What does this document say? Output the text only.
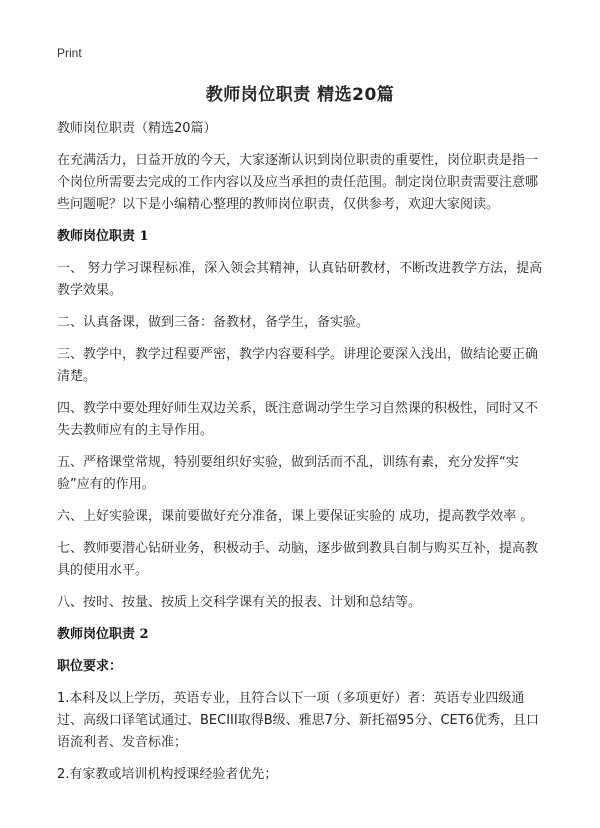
Print
教师岗位职责 精选20篇

教师岗位职责（精选20篇）

在充满活力，日益开放的今天，大家逐渐认识到岗位职责的重要性，岗位职责是指一个岗位所需要去完成的工作内容以及应当承担的责任范围。制定岗位职责需要注意哪些问题呢？以下是小编精心整理的教师岗位职责，仅供参考，欢迎大家阅读。

教师岗位职责 1

一、 努力学习课程标准，深入领会其精神，认真钻研教材，不断改进教学方法，提高教学效果。

二、认真备课，做到三备：备教材，备学生，备实验。

三、教学中，教学过程要严密，教学内容要科学。讲理论要深入浅出，做结论要正确清楚。

四、教学中要处理好师生双边关系，既注意调动学生学习自然课的积极性，同时又不失去教师应有的主导作用。

五、严格课堂常规，特别要组织好实验，做到活而不乱，训练有素，充分发挥“实验”应有的作用。

六、上好实验课，课前要做好充分准备，课上要保证实验的 成功，提高教学效率 。

七、教师要潜心钻研业务，积极动手、动脑，逐步做到教具自制与购买互补，提高教具的使用水平。

八、按时、按量、按质上交科学课有关的报表、计划和总结等。

教师岗位职责 2

职位要求：

1.本科及以上学历，英语专业，且符合以下一项（多项更好）者：英语专业四级通过、高级口译笔试通过、BECIII取得B级、雅思7分、新托福95分、CET6优秀，且口语流利者、发音标准；

2.有家教或培训机构授课经验者优先；
